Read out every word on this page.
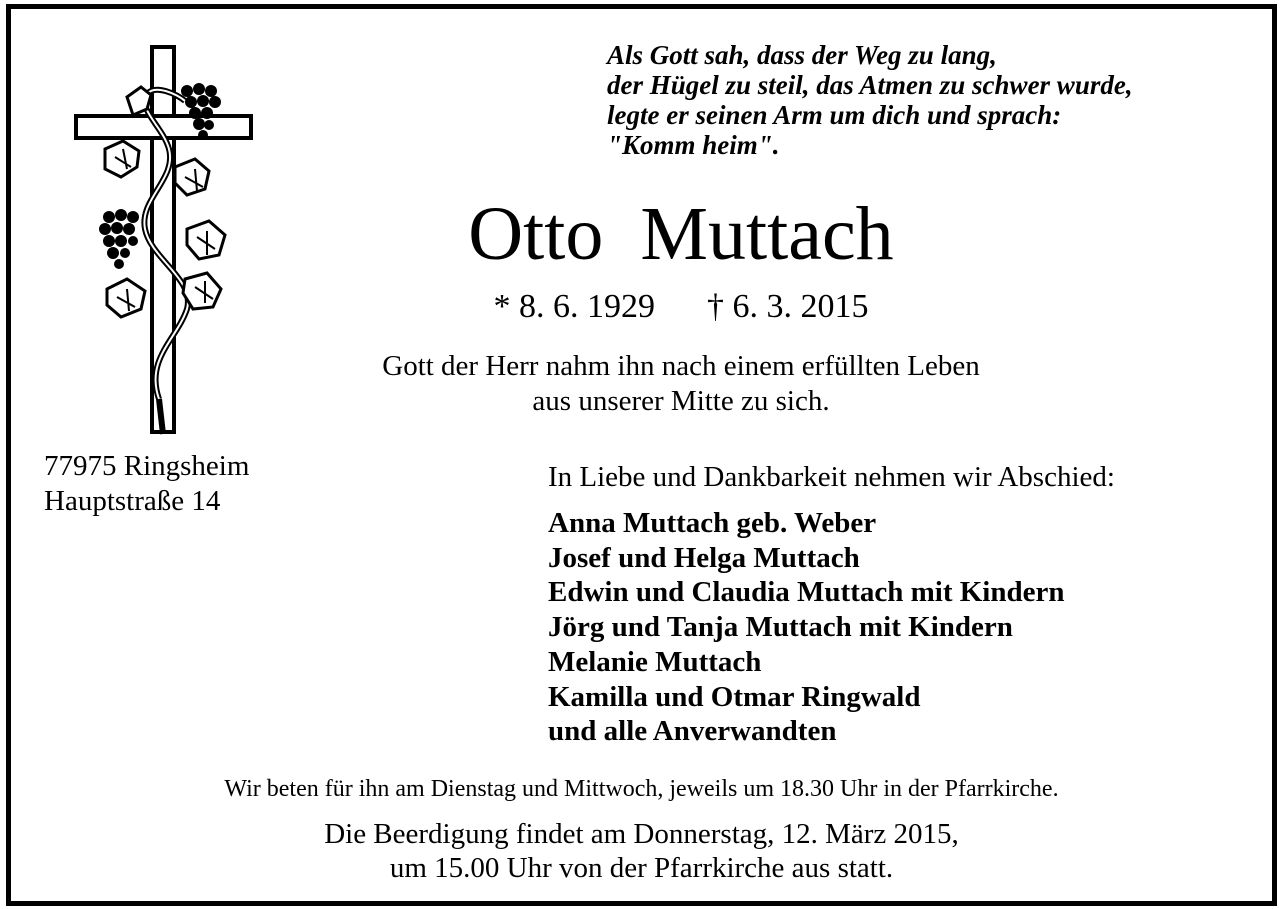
Als Gott sah, dass der Weg zu lang,
der Hügel zu steil, das Atmen zu schwer wurde,
legte er seinen Arm um dich und sprach:
"Komm heim".
Otto Muttach
* 8. 6. 1929 † 6. 3. 2015
Gott der Herr nahm ihn nach einem erfüllten Leben
aus unserer Mitte zu sich.
77975 Ringsheim
Hauptstraße 14
In Liebe und Dankbarkeit nehmen wir Abschied:
Anna Muttach geb. Weber
Josef und Helga Muttach
Edwin und Claudia Muttach mit Kindern
Jörg und Tanja Muttach mit Kindern
Melanie Muttach
Kamilla und Otmar Ringwald
und alle Anverwandten
Wir beten für ihn am Dienstag und Mittwoch, jeweils um 18.30 Uhr in der Pfarrkirche.
Die Beerdigung findet am Donnerstag, 12. März 2015,
um 15.00 Uhr von der Pfarrkirche aus statt.
